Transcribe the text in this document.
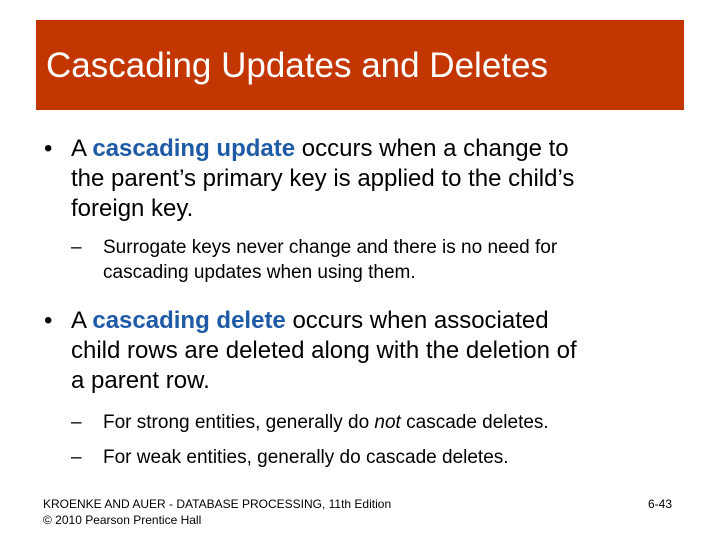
Cascading Updates and Deletes
• A cascading update occurs when a change to
the parent’s primary key is applied to the child’s
foreign key.
– Surrogate keys never change and there is no need for
cascading updates when using them.
• A cascading delete occurs when associated
child rows are deleted along with the deletion of
a parent row.
– For strong entities, generally do not cascade deletes.
– For weak entities, generally do cascade deletes.
KROENKE AND AUER - DATABASE PROCESSING, 11th Edition
© 2010 Pearson Prentice Hall
6-43
